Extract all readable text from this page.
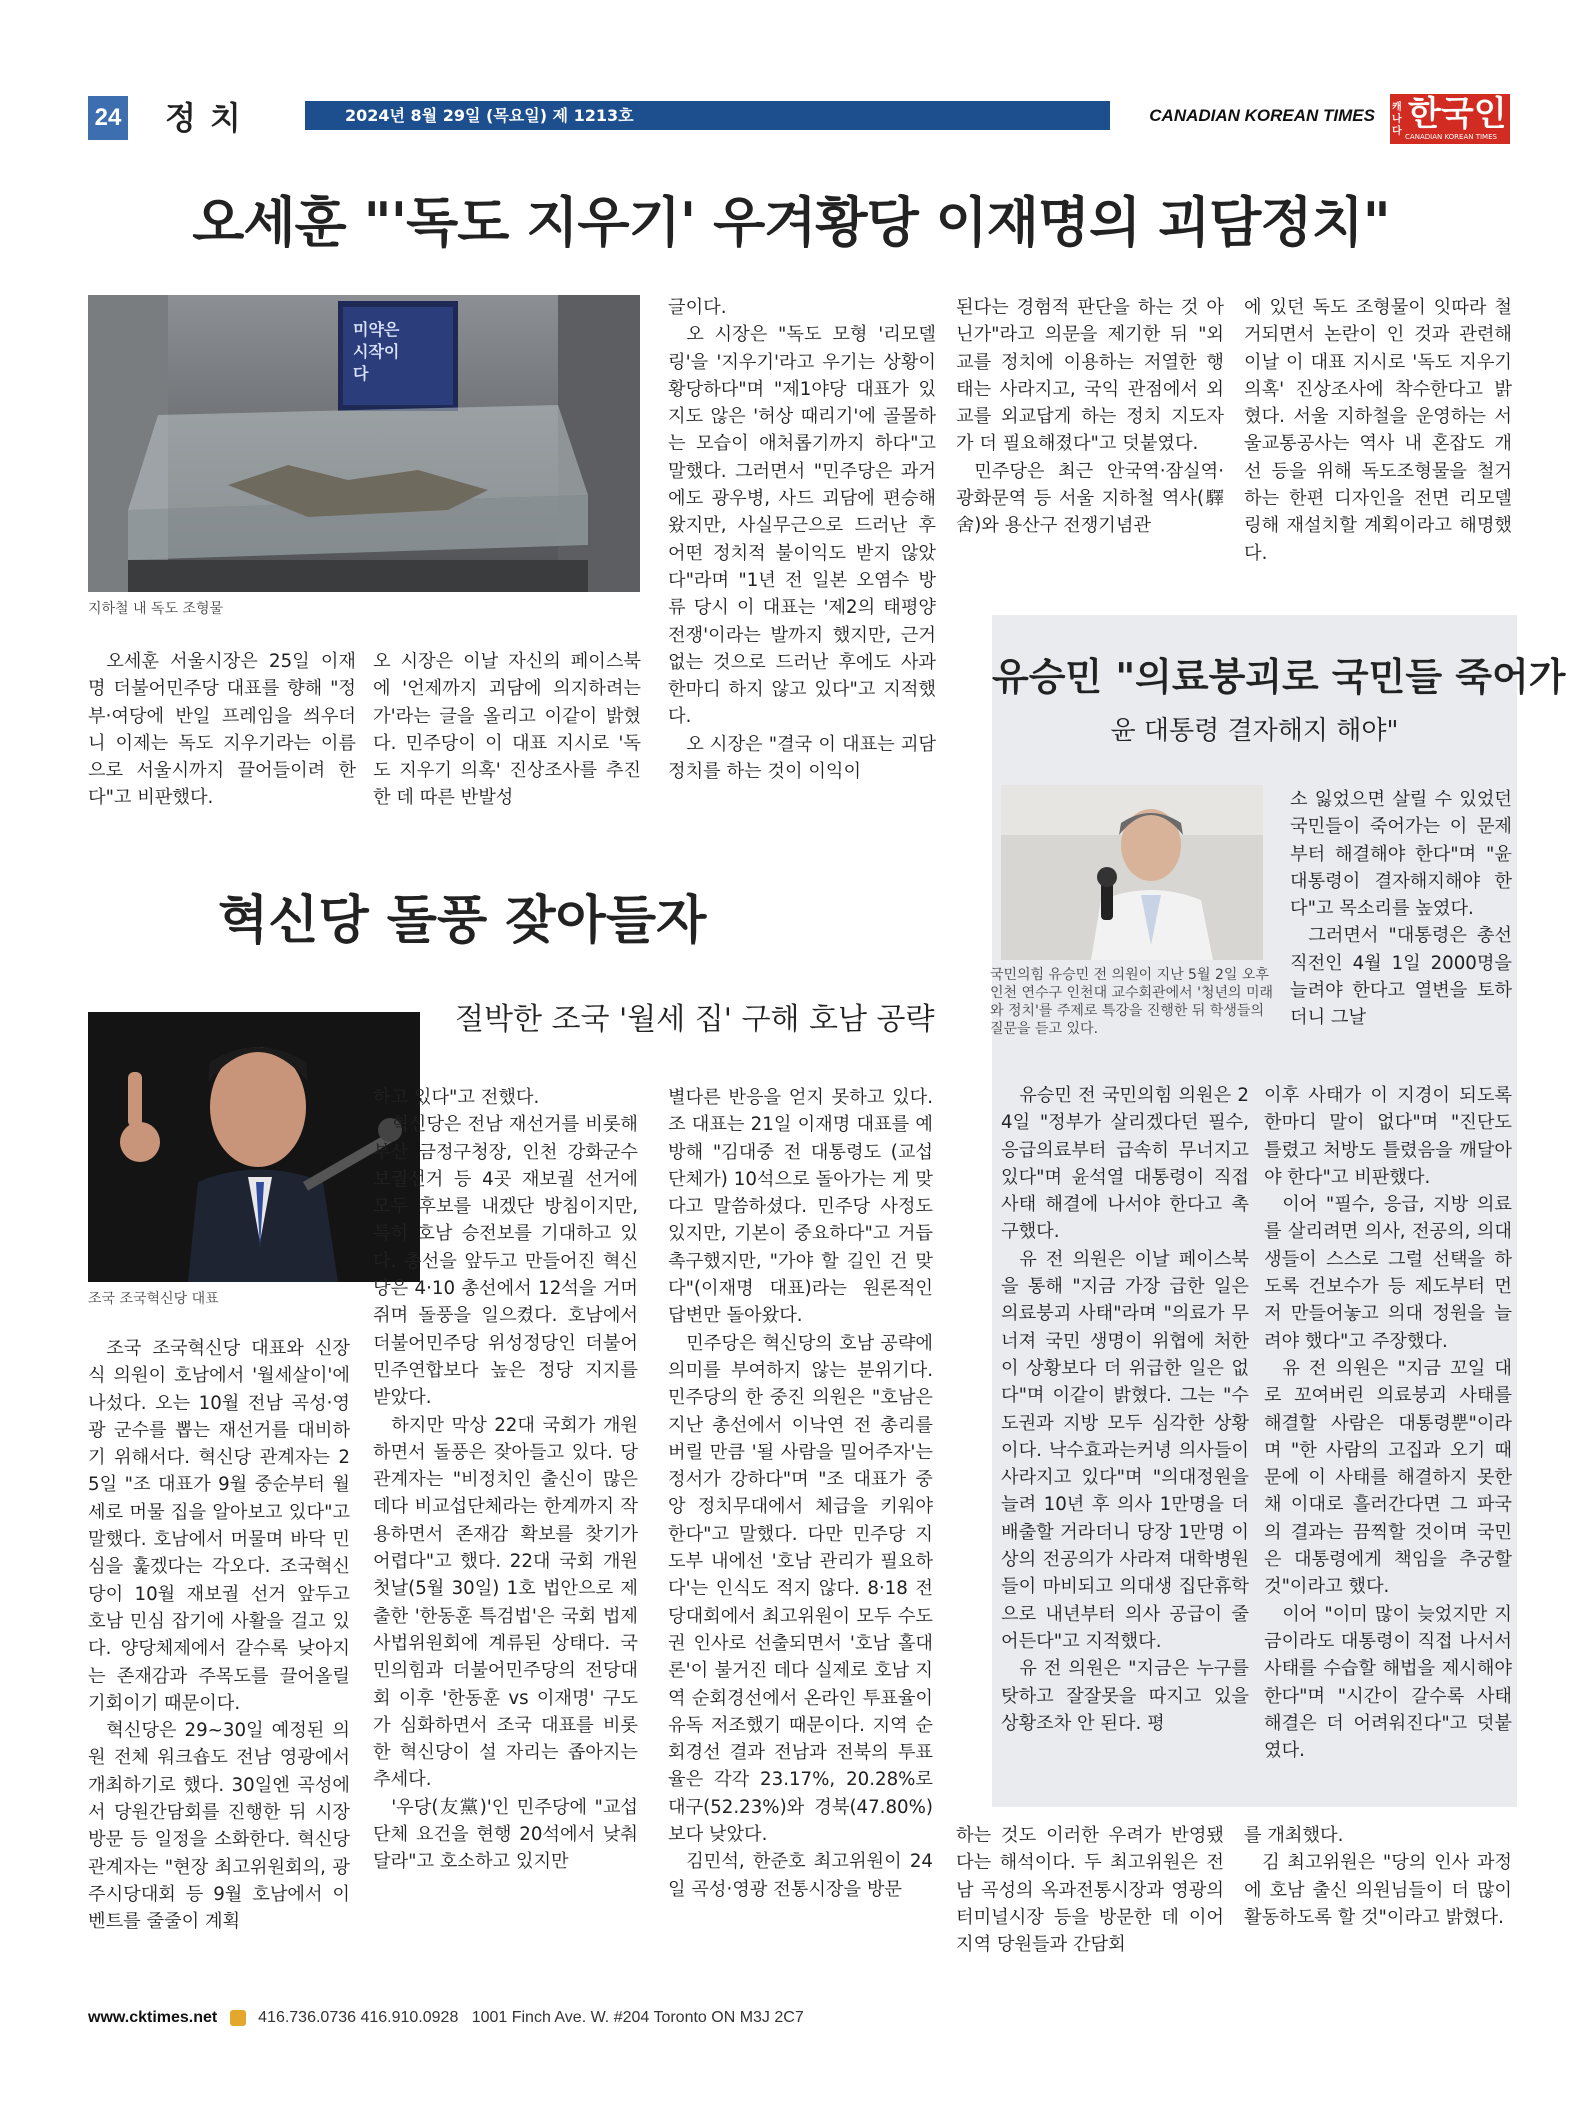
24 정치	2024년 8월 29일 (목요일) 제 1213호	CANADIAN KOREAN TIMES 캐나다 한국인
CANADIAN KOREAN TIMES WEEKLY
오세훈 "'독도 지우기' 우겨황당 이재명의 괴담정치"
미약은
시작이
다
지하철 내 독도 조형물

오세훈 서울시장은 25일 이재명 더불어민주당 대표를 향해 "정부·여당에 반일 프레임을 씌우더니 이제는 독도 지우기라는 이름으로 서울시까지 끌어들이려 한다"고 비판했다.

오 시장은 이날 자신의 페이스북에 '언제까지 괴담에 의지하려는가'라는 글을 올리고 이같이 밝혔다. 민주당이 이 대표 지시로 '독도 지우기 의혹' 진상조사를 추진한 데 따른 반발성

글이다.

오 시장은 "독도 모형 '리모델링'을 '지우기'라고 우기는 상황이 황당하다"며 "제1야당 대표가 있지도 않은 '허상 때리기'에 골몰하는 모습이 애처롭기까지 하다"고 말했다. 그러면서 "민주당은 과거에도 광우병, 사드 괴담에 편승해 왔지만, 사실무근으로 드러난 후 어떤 정치적 불이익도 받지 않았다"라며 "1년 전 일본 오염수 방류 당시 이 대표는 '제2의 태평양 전쟁'이라는 발까지 했지만, 근거 없는 것으로 드러난 후에도 사과 한마디 하지 않고 있다"고 지적했다.

오 시장은 "결국 이 대표는 괴담 정치를 하는 것이 이익이

된다는 경험적 판단을 하는 것 아닌가"라고 의문을 제기한 뒤 "외교를 정치에 이용하는 저열한 행태는 사라지고, 국익 관점에서 외교를 외교답게 하는 정치 지도자가 더 필요해졌다"고 덧붙였다.

민주당은 최근 안국역·잠실역·광화문역 등 서울 지하철 역사(驛舍)와 용산구 전쟁기념관

에 있던 독도 조형물이 잇따라 철거되면서 논란이 인 것과 관련해 이날 이 대표 지시로 '독도 지우기 의혹' 진상조사에 착수한다고 밝혔다. 서울 지하철을 운영하는 서울교통공사는 역사 내 혼잡도 개선 등을 위해 독도조형물을 철거하는 한편 디자인을 전면 리모델링해 재설치할 계획이라고 해명했다.

유승민 "의료붕괴로 국민들 죽어가
윤 대통령 결자해지 해야"
국민의힘 유승민 전 의원이 지난 5월 2일 오후 인천 연수구 인천대 교수회관에서 '청년의 미래와 정치'를 주제로 특강을 진행한 뒤 학생들의 질문을 듣고 있다.

소 잃었으면 살릴 수 있었던 국민들이 죽어가는 이 문제부터 해결해야 한다"며 "윤 대통령이 결자해지해야 한다"고 목소리를 높였다.

그러면서 "대통령은 총선 직전인 4월 1일 2000명을 늘려야 한다고 열변을 토하더니 그날

유승민 전 국민의힘 의원은 24일 "정부가 살리겠다던 필수, 응급의료부터 급속히 무너지고 있다"며 윤석열 대통령이 직접 사태 해결에 나서야 한다고 촉구했다.

유 전 의원은 이날 페이스북을 통해 "지금 가장 급한 일은 의료붕괴 사태"라며 "의료가 무너져 국민 생명이 위협에 처한 이 상황보다 더 위급한 일은 없다"며 이같이 밝혔다. 그는 "수도권과 지방 모두 심각한 상황이다. 낙수효과는커녕 의사들이 사라지고 있다"며 "의대정원을 늘려 10년 후 의사 1만명을 더 배출할 거라더니 당장 1만명 이상의 전공의가 사라져 대학병원들이 마비되고 의대생 집단휴학으로 내년부터 의사 공급이 줄어든다"고 지적했다.

유 전 의원은 "지금은 누구를 탓하고 잘잘못을 따지고 있을 상황조차 안 된다. 평

이후 사태가 이 지경이 되도록 한마디 말이 없다"며 "진단도 틀렸고 처방도 틀렸음을 깨달아야 한다"고 비판했다.

이어 "필수, 응급, 지방 의료를 살리려면 의사, 전공의, 의대생들이 스스로 그럴 선택을 하도록 건보수가 등 제도부터 먼저 만들어놓고 의대 정원을 늘려야 했다"고 주장했다.

유 전 의원은 "지금 꼬일 대로 꼬여버린 의료붕괴 사태를 해결할 사람은 대통령뿐"이라며 "한 사람의 고집과 오기 때문에 이 사태를 해결하지 못한 채 이대로 흘러간다면 그 파국의 결과는 끔찍할 것이며 국민은 대통령에게 책임을 추궁할 것"이라고 했다.

이어 "이미 많이 늦었지만 지금이라도 대통령이 직접 나서서 사태를 수습할 해법을 제시해야 한다"며 "시간이 갈수록 사태 해결은 더 어려워진다"고 덧붙였다.

혁신당 돌풍 잦아들자
절박한 조국 '월세 집' 구해 호남 공략
조국 조국혁신당 대표

조국 조국혁신당 대표와 신장식 의원이 호남에서 '월세살이'에 나섰다. 오는 10월 전남 곡성·영광 군수를 뽑는 재선거를 대비하기 위해서다. 혁신당 관계자는 25일 "조 대표가 9월 중순부터 월세로 머물 집을 알아보고 있다"고 말했다. 호남에서 머물며 바닥 민심을 훑겠다는 각오다. 조국혁신당이 10월 재보궐 선거 앞두고 호남 민심 잡기에 사활을 걸고 있다. 양당체제에서 갈수록 낮아지는 존재감과 주목도를 끌어올릴 기회이기 때문이다.

혁신당은 29~30일 예정된 의원 전체 워크숍도 전남 영광에서 개최하기로 했다. 30일엔 곡성에서 당원간담회를 진행한 뒤 시장 방문 등 일정을 소화한다. 혁신당 관계자는 "현장 최고위원회의, 광주시당대회 등 9월 호남에서 이벤트를 줄줄이 계획

하고 있다"고 전했다.

혁신당은 전남 재선거를 비롯해 부산 금정구청장, 인천 강화군수 보궐선거 등 4곳 재보궐 선거에 모두 후보를 내겠단 방침이지만, 특히 호남 승전보를 기대하고 있다. 총선을 앞두고 만들어진 혁신당은 4·10 총선에서 12석을 거머쥐며 돌풍을 일으켰다. 호남에서 더불어민주당 위성정당인 더불어민주연합보다 높은 정당 지지를 받았다.

하지만 막상 22대 국회가 개원하면서 돌풍은 잦아들고 있다. 당 관계자는 "비정치인 출신이 많은 데다 비교섭단체라는 한계까지 작용하면서 존재감 확보를 찾기가 어렵다"고 했다. 22대 국회 개원 첫날(5월 30일) 1호 법안으로 제출한 '한동훈 특검법'은 국회 법제사법위원회에 계류된 상태다. 국민의힘과 더불어민주당의 전당대회 이후 '한동훈 vs 이재명' 구도가 심화하면서 조국 대표를 비롯한 혁신당이 설 자리는 좁아지는 추세다.

'우당(友黨)'인 민주당에 "교섭단체 요건을 현행 20석에서 낮춰달라"고 호소하고 있지만

별다른 반응을 얻지 못하고 있다. 조 대표는 21일 이재명 대표를 예방해 "김대중 전 대통령도 (교섭단체가) 10석으로 돌아가는 게 맞다고 말씀하셨다. 민주당 사정도 있지만, 기본이 중요하다"고 거듭 촉구했지만, "가야 할 길인 건 맞다"(이재명 대표)라는 원론적인 답변만 돌아왔다.

민주당은 혁신당의 호남 공략에 의미를 부여하지 않는 분위기다. 민주당의 한 중진 의원은 "호남은 지난 총선에서 이낙연 전 총리를 버릴 만큼 '될 사람을 밀어주자'는 정서가 강하다"며 "조 대표가 중앙 정치무대에서 체급을 키워야 한다"고 말했다. 다만 민주당 지도부 내에선 '호남 관리가 필요하다'는 인식도 적지 않다. 8·18 전당대회에서 최고위원이 모두 수도권 인사로 선출되면서 '호남 홀대론'이 불거진 데다 실제로 호남 지역 순회경선에서 온라인 투표율이 유독 저조했기 때문이다. 지역 순회경선 결과 전남과 전북의 투표율은 각각 23.17%, 20.28%로 대구(52.23%)와 경북(47.80%)보다 낮았다.

김민석, 한준호 최고위원이 24일 곡성·영광 전통시장을 방문

하는 것도 이러한 우려가 반영됐다는 해석이다. 두 최고위원은 전남 곡성의 옥과전통시장과 영광의 터미널시장 등을 방문한 데 이어 지역 당원들과 간담회

를 개최했다.

김 최고위원은 "당의 인사 과정에 호남 출신 의원님들이 더 많이 활동하도록 할 것"이라고 밝혔다.

www.cktimes.net	416.736.0736 416.910.0928 1001 Finch Ave. W. #204 Toronto ON M3J 2C7
